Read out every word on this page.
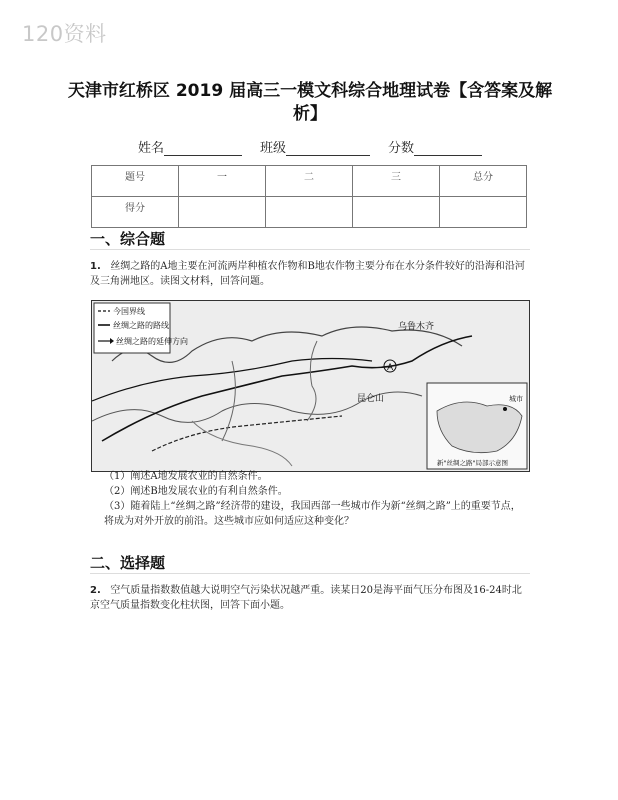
120资料
天津市红桥区 2019 届高三一模文科综合地理试卷【含答案及解析】
姓名	班级	分数
题号	一	二	三	总分
得分				
一、综合题
1. 丝绸之路的A地主要在河流两岸种植农作物和B地农作物主要分布在水分条件较好的沿海和沿河及三角洲地区。读图文材料，回答问题。
今国界线
丝绸之路的路线
丝绸之路的延伸方向
乌鲁木齐
A
昆仑山	城市
新"丝绸之路"局部示意图
（1）阐述A地发展农业的自然条件。
（2）阐述B地发展农业的有利自然条件。
（3）随着陆上“丝绸之路”经济带的建设，我国西部一些城市作为新“丝绸之路”上的重要节点，将成为对外开放的前沿。这些城市应如何适应这种变化？
二、选择题
2. 空气质量指数数值越大说明空气污染状况越严重。读某日20是海平面气压分布图及16-24时北京空气质量指数变化柱状图，回答下面小题。
